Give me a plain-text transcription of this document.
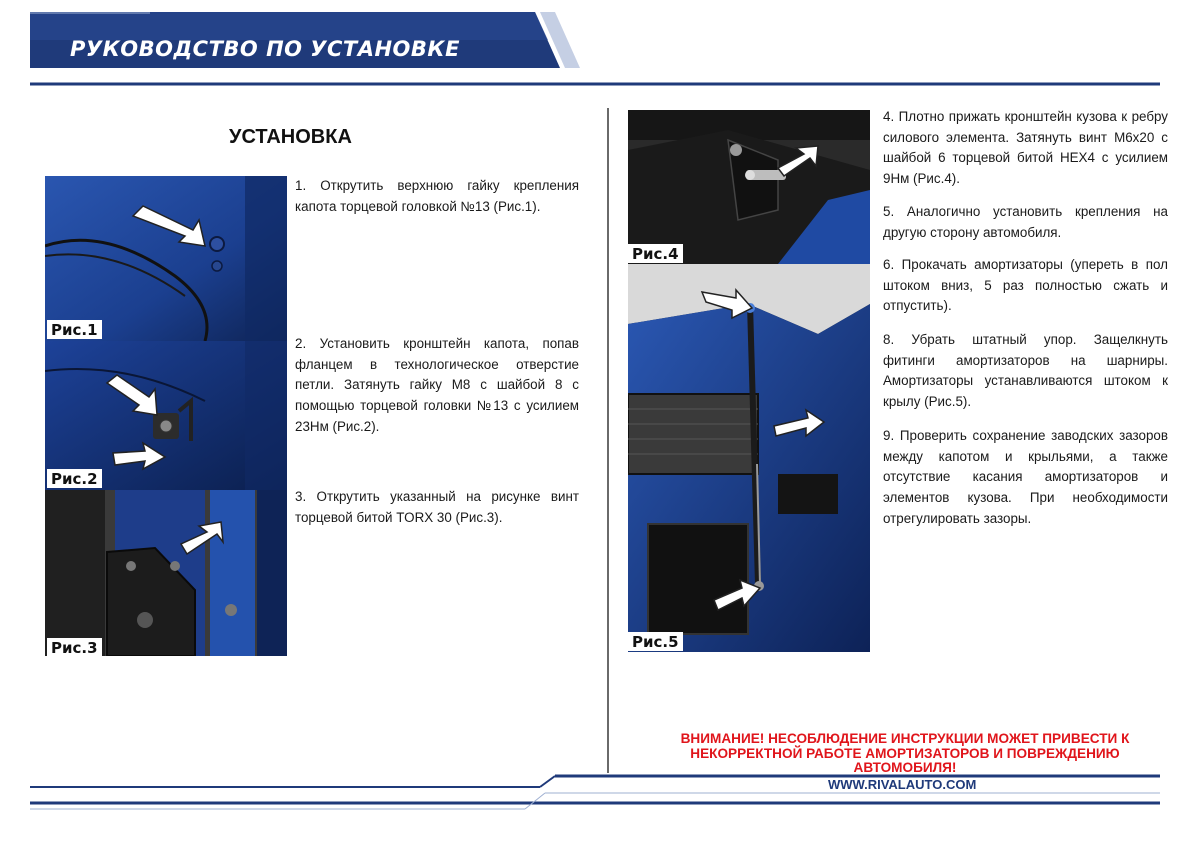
РУКОВОДСТВО ПО УСТАНОВКЕ
УСТАНОВКА
Рис.1
Рис.2
Рис.3
1. Открутить верхнюю гайку крепления капота торцевой головкой №13 (Рис.1).
2. Установить кронштейн капота, попав фланцем в технологическое отверстие петли. Затянуть гайку М8 с шайбой 8 с помощью торцевой головки №13 с усилием 23Нм (Рис.2).
3. Открутить указанный на рисунке винт торцевой битой TORX 30 (Рис.3).
Рис.4
Рис.5
4. Плотно прижать кронштейн кузова к ребру силового элемента. Затянуть винт М6х20 с шайбой 6 торцевой битой HEX4 с усилием 9Нм (Рис.4).
5. Аналогично установить крепления на другую сторону автомобиля.
6. Прокачать амортизаторы (упереть в пол штоком вниз, 5 раз полностью сжать и отпустить).
8. Убрать штатный упор. Защелкнуть фитинги амортизаторов на шарниры. Амортизаторы устанавливаются штоком к крылу (Рис.5).
9. Проверить сохранение заводских зазоров между капотом и крыльями, а также отсутствие касания амортизаторов и элементов кузова. При необходимости отрегулировать зазоры.
ВНИМАНИЕ! НЕСОБЛЮДЕНИЕ ИНСТРУКЦИИ МОЖЕТ ПРИВЕСТИ К НЕКОРРЕКТНОЙ РАБОТЕ АМОРТИЗАТОРОВ И ПОВРЕЖДЕНИЮ АВТОМОБИЛЯ!
WWW.RIVALAUTO.COM
